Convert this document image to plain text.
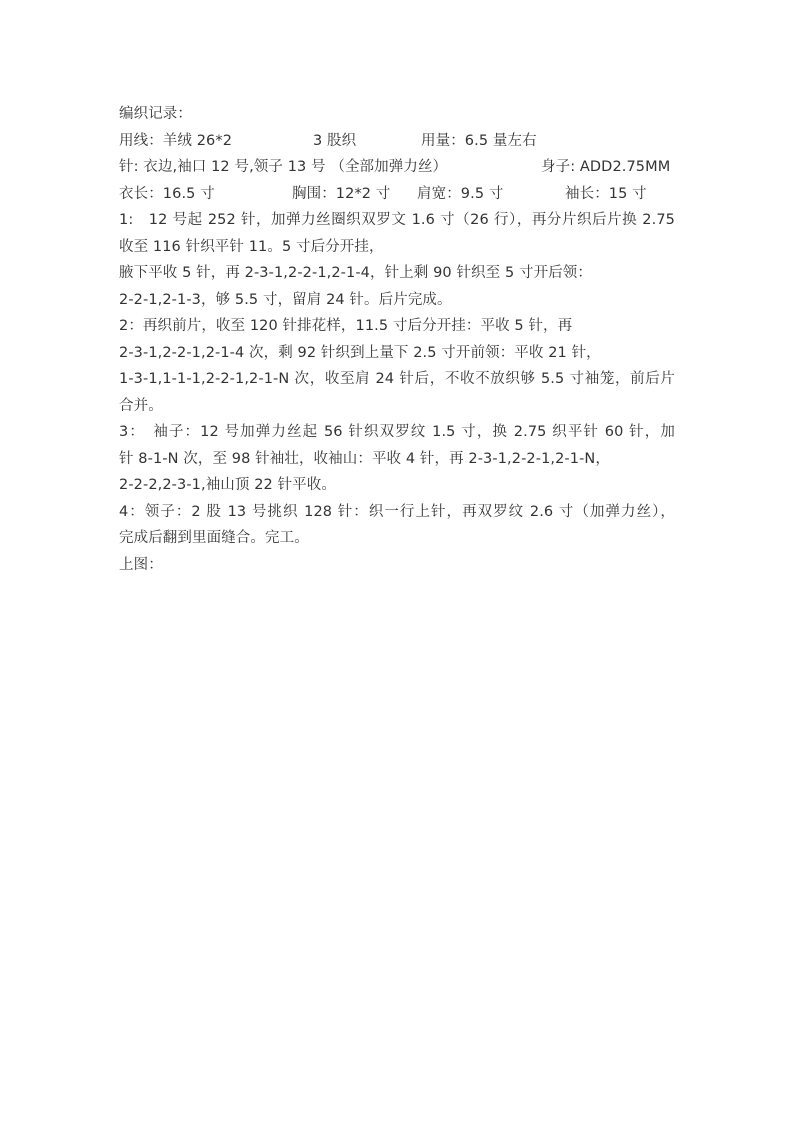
编织记录：
用线：羊绒 26*2	3 股织	用量：6.5 量左右
针: 衣边,袖口 12 号,领子 13 号 （全部加弹力丝）	身子: ADD2.75MM
衣长：16.5 寸	胸围：12*2 寸 肩宽：9.5 寸	袖长：15 寸
1:　12 号起 252 针，加弹力丝圈织双罗文 1.6 寸（26 行），再分片织后片换 2.75
收至 116 针织平针 11。5 寸后分开挂，
腋下平收 5 针，再 2-3-1,2-2-1,2-1-4，针上剩 90 针织至 5 寸开后领：
2-2-1,2-1-3，够 5.5 寸，留肩 24 针。后片完成。
2：再织前片，收至 120 针排花样，11.5 寸后分开挂：平收 5 针，再
2-3-1,2-2-1,2-1-4 次，剩 92 针织到上量下 2.5 寸开前领：平收 21 针，
1-3-1,1-1-1,2-2-1,2-1-N 次，收至肩 24 针后，不收不放织够 5.5 寸袖笼，前后片
合并。
3：　袖子：12 号加弹力丝起 56 针织双罗纹 1.5 寸，换 2.75 织平针 60 针，加
针 8-1-N 次，至 98 针袖壮，收袖山：平收 4 针，再 2-3-1,2-2-1,2-1-N，
2-2-2,2-3-1,袖山顶 22 针平收。
4：领子：2 股 13 号挑织 128 针：织一行上针，再双罗纹 2.6 寸（加弹力丝），
完成后翻到里面缝合。完工。
上图：
